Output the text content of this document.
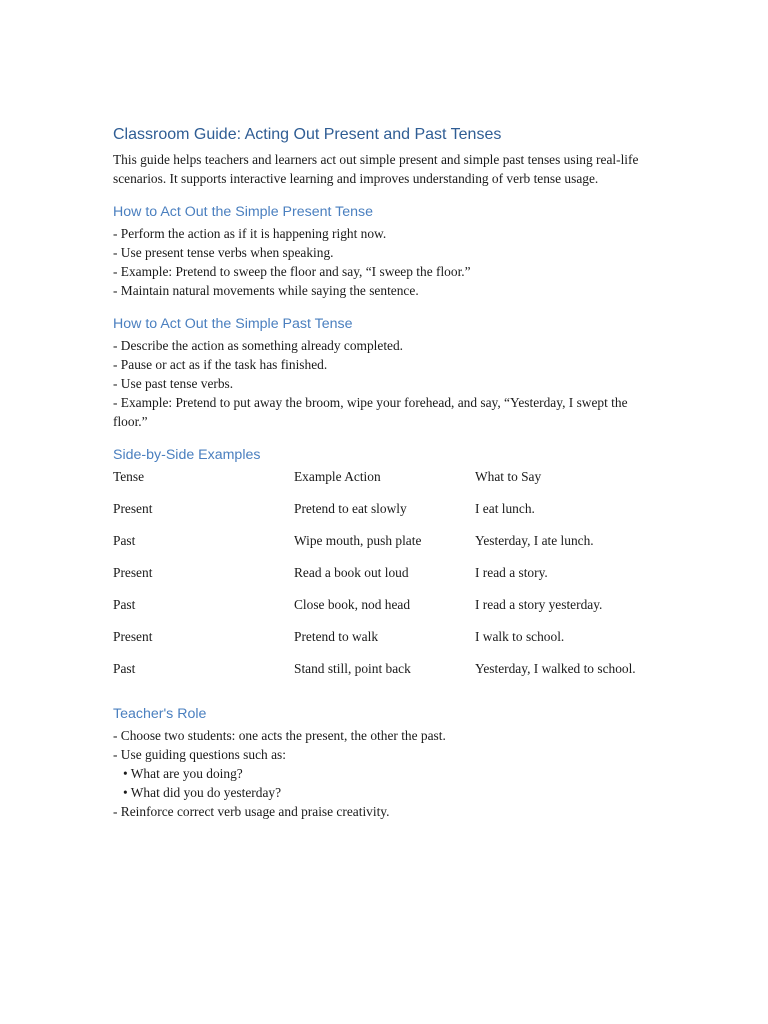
Classroom Guide: Acting Out Present and Past Tenses

This guide helps teachers and learners act out simple present and simple past tenses using real-life scenarios. It supports interactive learning and improves understanding of verb tense usage.

How to Act Out the Simple Present Tense
- Perform the action as if it is happening right now.
- Use present tense verbs when speaking.
- Example: Pretend to sweep the floor and say, “I sweep the floor.”
- Maintain natural movements while saying the sentence.
How to Act Out the Simple Past Tense
- Describe the action as something already completed.
- Pause or act as if the task has finished.
- Use past tense verbs.
- Example: Pretend to put away the broom, wipe your forehead, and say, “Yesterday, I swept the floor.”
Side-by-Side Examples
Tense	Example Action	What to Say
Present	Pretend to eat slowly	I eat lunch.
Past	Wipe mouth, push plate	Yesterday, I ate lunch.
Present	Read a book out loud	I read a story.
Past	Close book, nod head	I read a story yesterday.
Present	Pretend to walk	I walk to school.
Past	Stand still, point back	Yesterday, I walked to school.
Teacher's Role
- Choose two students: one acts the present, the other the past.
- Use guiding questions such as:
• What are you doing?
• What did you do yesterday?
- Reinforce correct verb usage and praise creativity.
